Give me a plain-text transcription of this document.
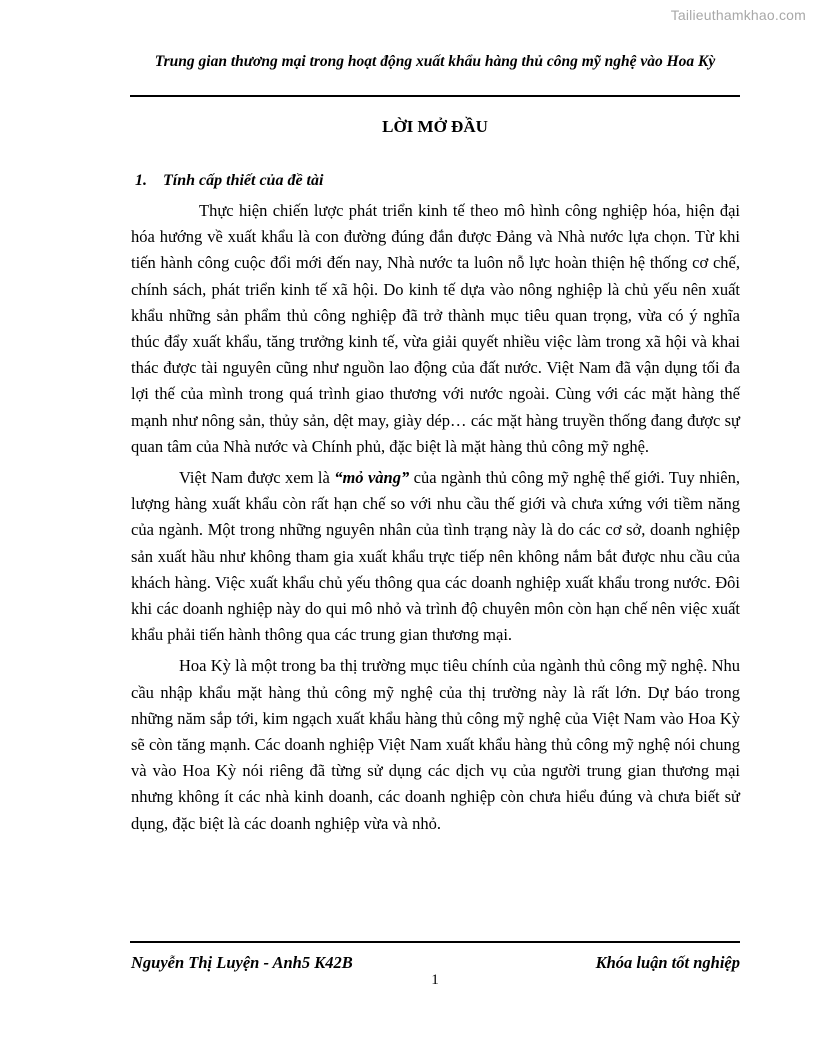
Tailieuthamkhao.com
Trung gian thương mại trong hoạt động xuất khẩu hàng thủ công mỹ nghệ vào Hoa Kỳ
LỜI MỞ ĐẦU
1. Tính cấp thiết của đề tài

Thực hiện chiến lược phát triển kinh tế theo mô hình công nghiệp hóa, hiện đại hóa hướng về xuất khẩu là con đường đúng đắn được Đảng và Nhà nước lựa chọn. Từ khi tiến hành công cuộc đổi mới đến nay, Nhà nước ta luôn nỗ lực hoàn thiện hệ thống cơ chế, chính sách, phát triển kinh tế xã hội. Do kinh tế dựa vào nông nghiệp là chủ yếu nên xuất khẩu những sản phẩm thủ công nghiệp đã trở thành mục tiêu quan trọng, vừa có ý nghĩa thúc đẩy xuất khẩu, tăng trưởng kinh tế, vừa giải quyết nhiều việc làm trong xã hội và khai thác được tài nguyên cũng như nguồn lao động của đất nước. Việt Nam đã vận dụng tối đa lợi thế của mình trong quá trình giao thương với nước ngoài. Cùng với các mặt hàng thế mạnh như nông sản, thủy sản, dệt may, giày dép… các mặt hàng truyền thống đang được sự quan tâm của Nhà nước và Chính phủ, đặc biệt là mặt hàng thủ công mỹ nghệ.

Việt Nam được xem là “mỏ vàng” của ngành thủ công mỹ nghệ thế giới. Tuy nhiên, lượng hàng xuất khẩu còn rất hạn chế so với nhu cầu thế giới và chưa xứng với tiềm năng của ngành. Một trong những nguyên nhân của tình trạng này là do các cơ sở, doanh nghiệp sản xuất hầu như không tham gia xuất khẩu trực tiếp nên không nắm bắt được nhu cầu của khách hàng. Việc xuất khẩu chủ yếu thông qua các doanh nghiệp xuất khẩu trong nước. Đôi khi các doanh nghiệp này do qui mô nhỏ và trình độ chuyên môn còn hạn chế nên việc xuất khẩu phải tiến hành thông qua các trung gian thương mại.

Hoa Kỳ là một trong ba thị trường mục tiêu chính của ngành thủ công mỹ nghệ. Nhu cầu nhập khẩu mặt hàng thủ công mỹ nghệ của thị trường này là rất lớn. Dự báo trong những năm sắp tới, kim ngạch xuất khẩu hàng thủ công mỹ nghệ của Việt Nam vào Hoa Kỳ sẽ còn tăng mạnh. Các doanh nghiệp Việt Nam xuất khẩu hàng thủ công mỹ nghệ nói chung và vào Hoa Kỳ nói riêng đã từng sử dụng các dịch vụ của người trung gian thương mại nhưng không ít các nhà kinh doanh, các doanh nghiệp còn chưa hiểu đúng và chưa biết sử dụng, đặc biệt là các doanh nghiệp vừa và nhỏ.

Nguyễn Thị Luyện - Anh5 K42B	Khóa luận tốt nghiệp
1
